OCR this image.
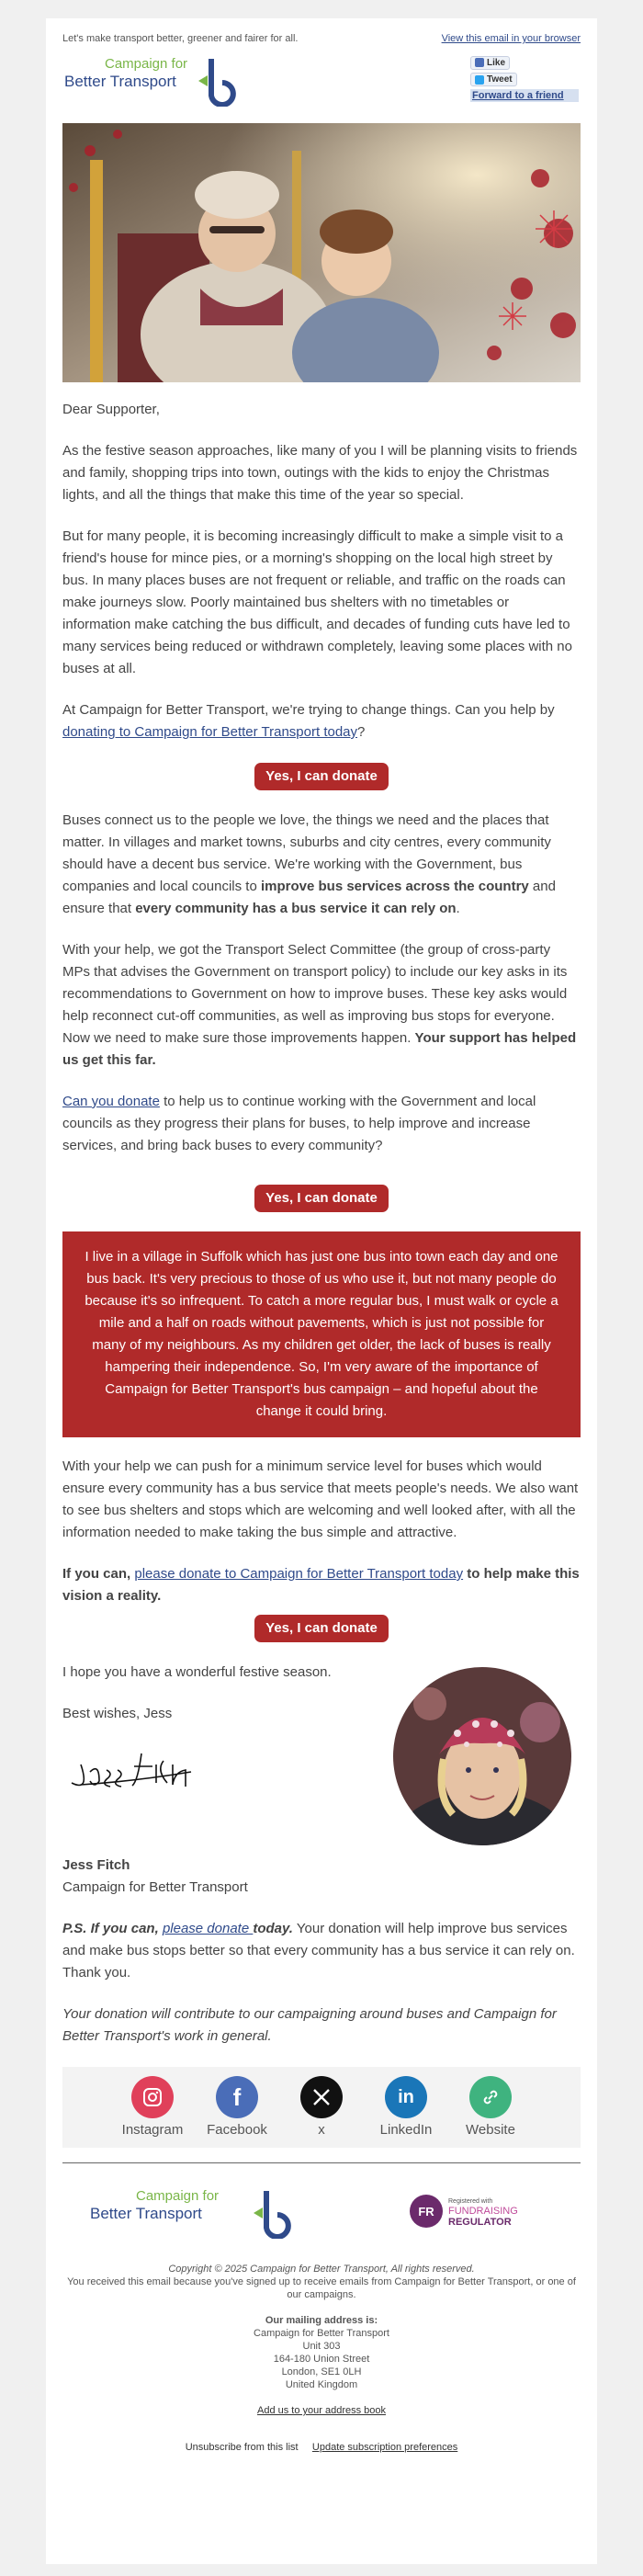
Let's make transport better, greener and fairer for all.	View this email in your browser
Campaign for
Better Transport
Like

Tweet
Forward to a friend

Dear Supporter,

As the festive season approaches, like many of you I will be planning visits to friends and family, shopping trips into town, outings with the kids to enjoy the Christmas lights, and all the things that make this time of the year so special.

But for many people, it is becoming increasingly difficult to make a simple visit to a friend's house for mince pies, or a morning's shopping on the local high street by bus. In many places buses are not frequent or reliable, and traffic on the roads can make journeys slow. Poorly maintained bus shelters with no timetables or information make catching the bus difficult, and decades of funding cuts have led to many services being reduced or withdrawn completely, leaving some places with no buses at all.

At Campaign for Better Transport, we're trying to change things. Can you help by donating to Campaign for Better Transport today?

Yes, I can donate

Buses connect us to the people we love, the things we need and the places that matter. In villages and market towns, suburbs and city centres, every community should have a decent bus service. We're working with the Government, bus companies and local councils to improve bus services across the country and ensure that every community has a bus service it can rely on.

With your help, we got the Transport Select Committee (the group of cross-party MPs that advises the Government on transport policy) to include our key asks in its recommendations to Government on how to improve buses. These key asks would help reconnect cut-off communities, as well as improving bus stops for everyone. Now we need to make sure those improvements happen. Your support has helped us get this far.

Can you donate to help us to continue working with the Government and local councils as they progress their plans for buses, to help improve and increase services, and bring back buses to every community?

Yes, I can donate
I live in a village in Suffolk which has just one bus into town each day and one bus back. It's very precious to those of us who use it, but not many people do because it's so infrequent. To catch a more regular bus, I must walk or cycle a mile and a half on roads without pavements, which is just not possible for many of my neighbours. As my children get older, the lack of buses is really hampering their independence. So, I'm very aware of the importance of Campaign for Better Transport's bus campaign – and hopeful about the change it could bring.

With your help we can push for a minimum service level for buses which would ensure every community has a bus service that meets people's needs. We also want to see bus shelters and stops which are welcoming and well looked after, with all the information needed to make taking the bus simple and attractive.

If you can, please donate to Campaign for Better Transport today to help make this vision a reality.

Yes, I can donate

I hope you have a wonderful festive season.

Best wishes, Jess

Jess Fitch

Campaign for Better Transport

P.S. If you can, please donate today. Your donation will help improve bus services and make bus stops better so that every community has a bus service it can rely on. Thank you.

Your donation will contribute to our campaigning around buses and Campaign for Better Transport's work in general.

Instagram
f
Facebook	x
in
LinkedIn Website
Campaign for
Better Transport	FR
Registered with
FUNDRAISING
REGULATOR

Copyright © 2025 Campaign for Better Transport, All rights reserved.

You received this email because you've signed up to receive emails from Campaign for Better Transport, or one of our campaigns.

Our mailing address is:

Campaign for Better Transport

Unit 303

164-180 Union Street

London, SE1 0LH

United Kingdom

Add us to your address book

Unsubscribe from this list Update subscription preferences
